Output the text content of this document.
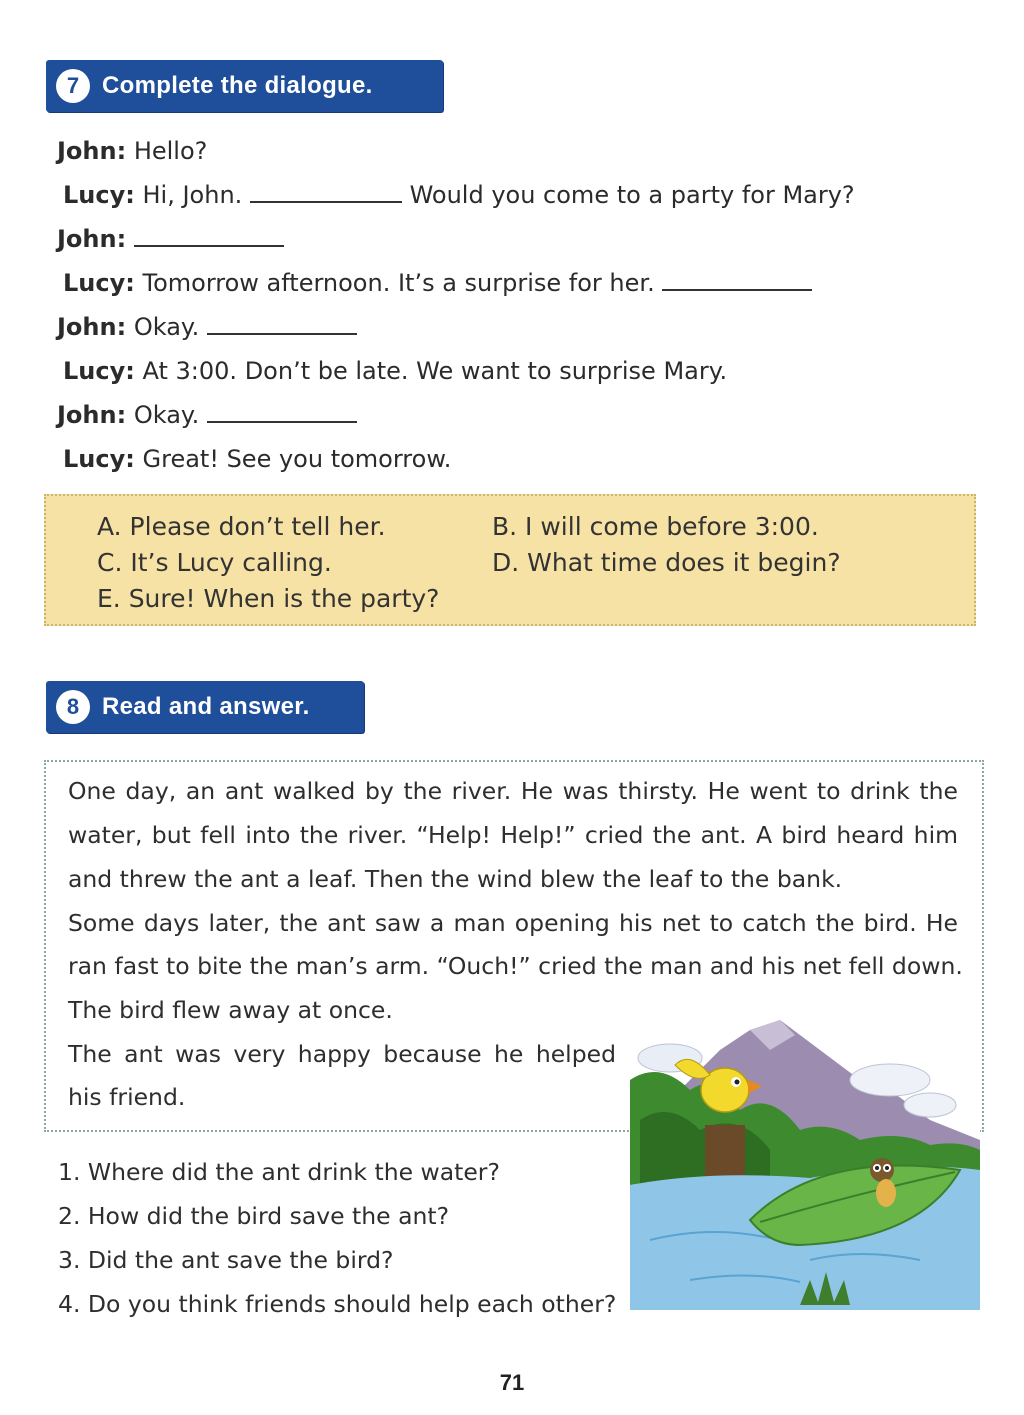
7 Complete the dialogue.
John: Hello?
Lucy: Hi, John.	Would you come to a party for Mary?
John:
Lucy: Tomorrow afternoon. It’s a surprise for her.
John: Okay.
Lucy: At 3:00. Don’t be late. We want to surprise Mary.
John: Okay.
Lucy: Great! See you tomorrow.
A. Please don’t tell her.	B. I will come before 3:00.
C. It’s Lucy calling.	D. What time does it begin?
E. Sure! When is the party?
8 Read and answer.
One day, an ant walked by the river. He was thirsty. He went to drink the
water, but fell into the river. “Help! Help!” cried the ant. A bird heard him
and threw the ant a leaf. Then the wind blew the leaf to the bank.
Some days later, the ant saw a man opening his net to catch the bird. He
ran fast to bite the man’s arm. “Ouch!” cried the man and his net fell down.
The bird flew away at once.
The ant was very happy because he helped
his friend.
1. Where did the ant drink the water?
2. How did the bird save the ant?
3. Did the ant save the bird?
4. Do you think friends should help each other?
71
